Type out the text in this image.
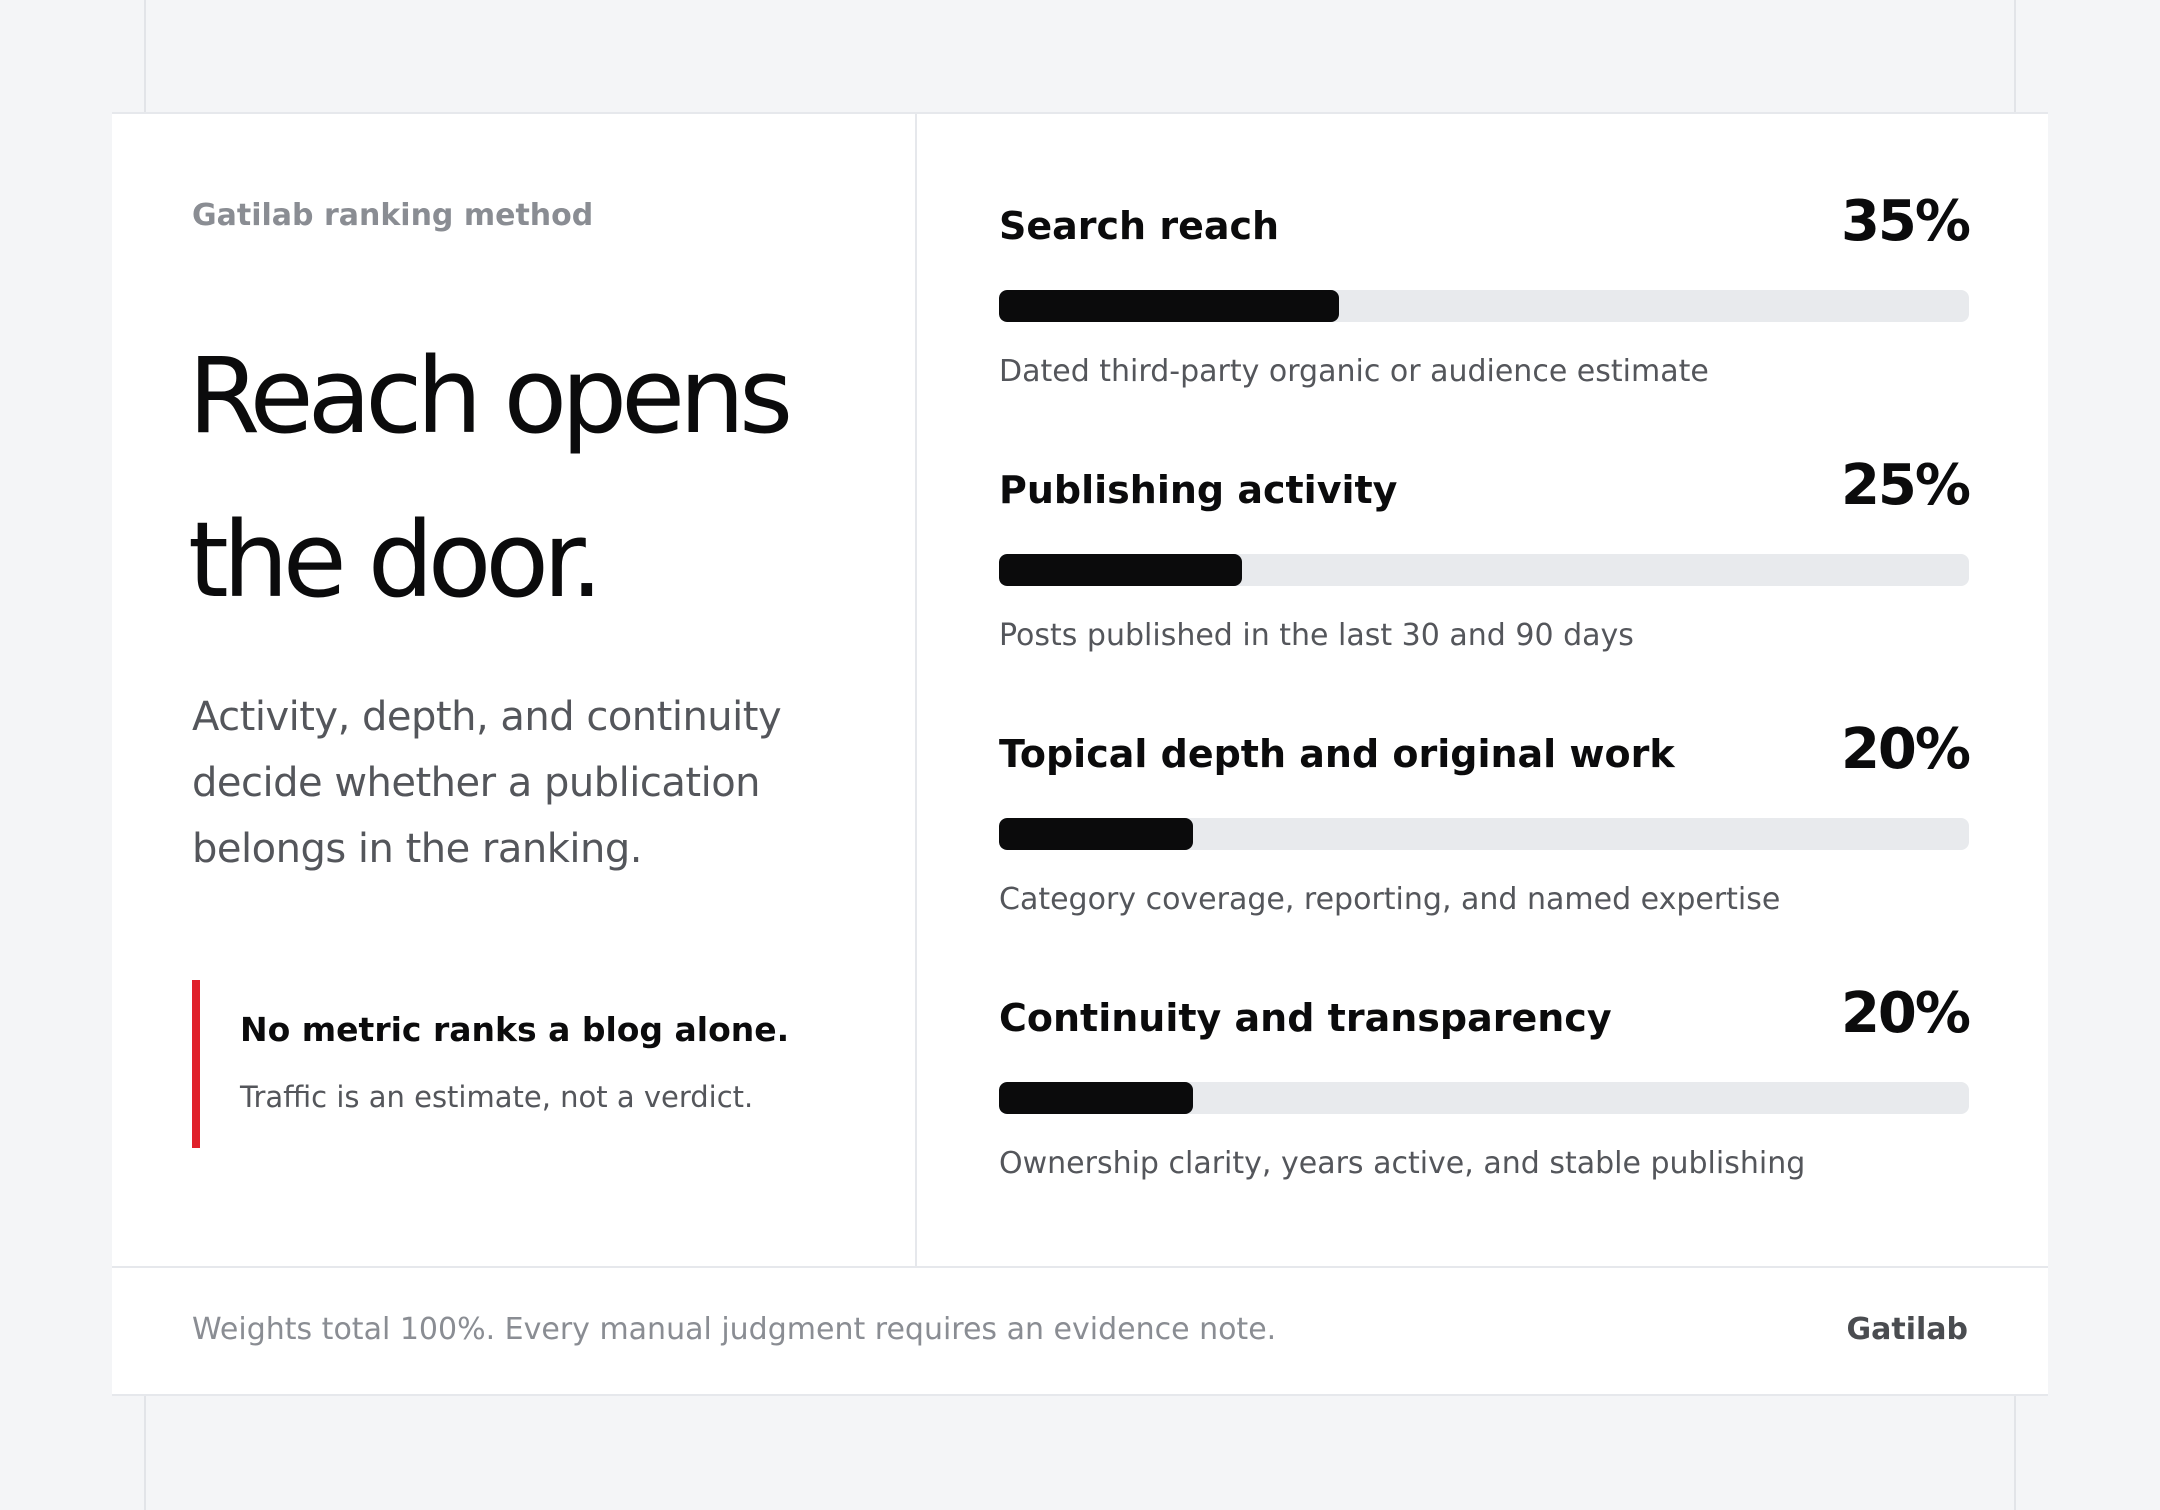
Gatilab ranking method
Reach opens the door.

Activity, depth, and continuity decide whether a publication belongs in the ranking.

No metric ranks a blog alone.
Traffic is an estimate, not a verdict.
Search reach	35%
Dated third-party organic or audience estimate
Publishing activity	25%
Posts published in the last 30 and 90 days
Topical depth and original work	20%
Category coverage, reporting, and named expertise
Continuity and transparency	20%
Ownership clarity, years active, and stable publishing
Weights total 100%. Every manual judgment requires an evidence note.	Gatilab
